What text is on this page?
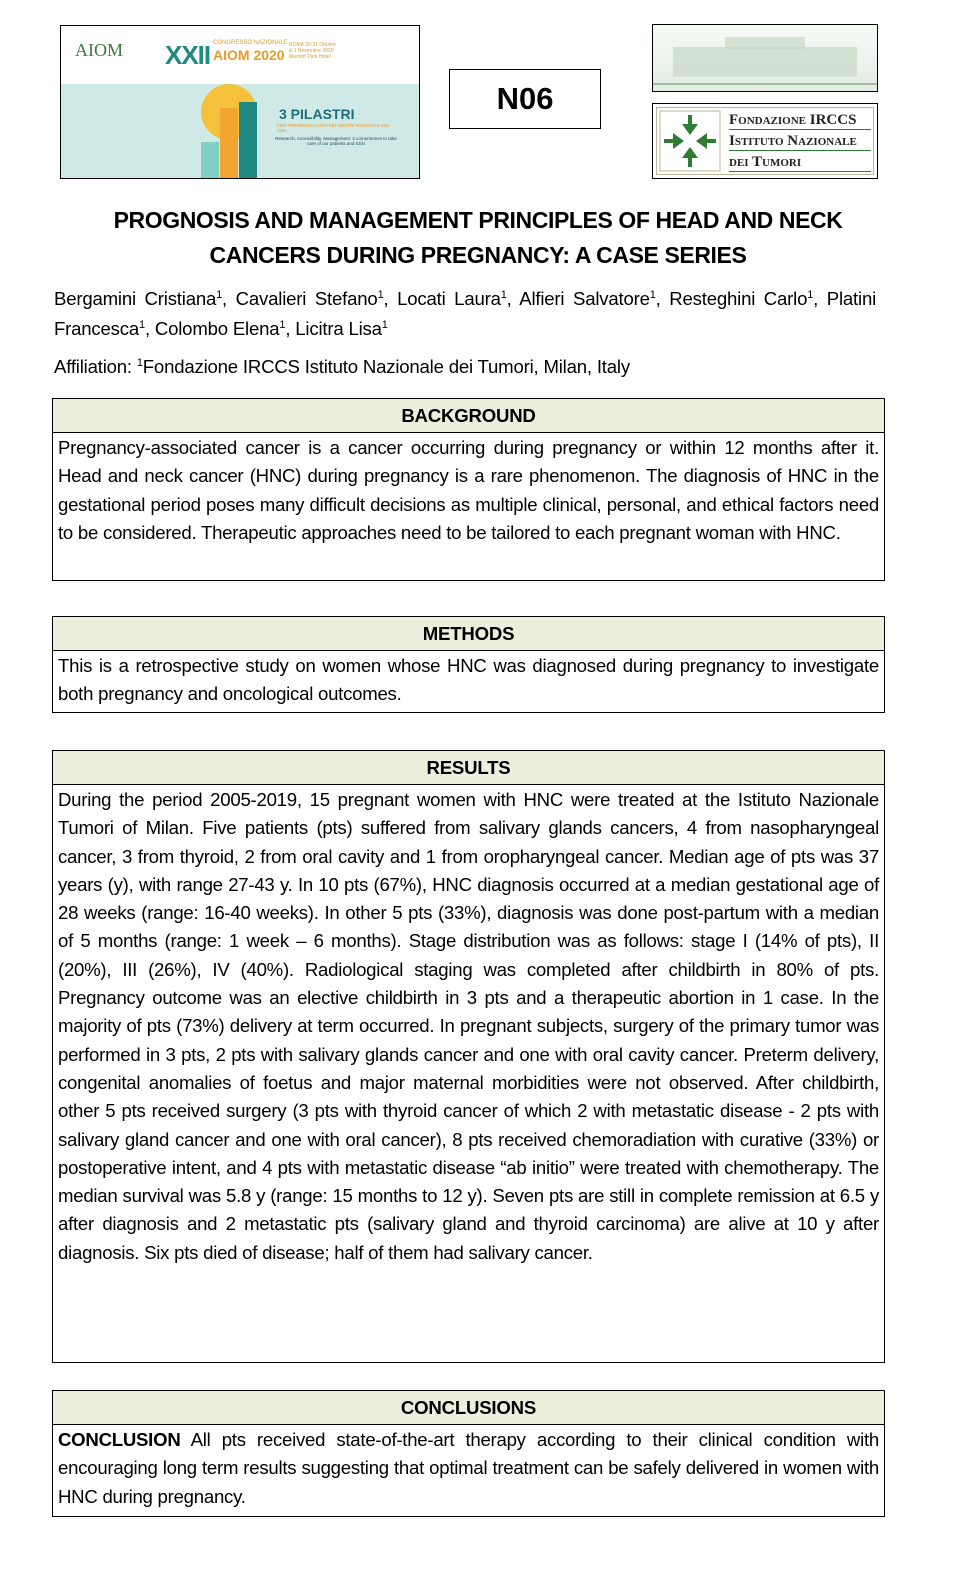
AIOM XXII CONGRESSO NAZIONALE
AIOM 2020
ROMA 30-31 Ottobre & 1 Novembre 2020 Marriott Park Hotel
3 PILASTRI
PER PRENDERSI CURA DEI NOSTRI PAZIENTI E DEL SSN
Research, Accessibility, Management: 3 cornerstones to take care of our patients and SSN
N06
Fondazione IRCCS
Istituto Nazionale
dei Tumori
PROGNOSIS AND MANAGEMENT PRINCIPLES OF HEAD AND NECK
CANCERS DURING PREGNANCY: A CASE SERIES
Bergamini Cristiana$^1$, Cavalieri Stefano$^1$, Locati Laura$^1$, Alfieri Salvatore$^1$, Resteghini Carlo$^1$, Platini Francesca$^1$, Colombo Elena$^1$, Licitra Lisa$^1$
Affiliation: $^1$Fondazione IRCCS Istituto Nazionale dei Tumori, Milan, Italy
BACKGROUND
Pregnancy-associated cancer is a cancer occurring during pregnancy or within 12 months after it. Head and neck cancer (HNC) during pregnancy is a rare phenomenon. The diagnosis of HNC in the gestational period poses many difficult decisions as multiple clinical, personal, and ethical factors need to be considered. Therapeutic approaches need to be tailored to each pregnant woman with HNC.
METHODS
This is a retrospective study on women whose HNC was diagnosed during pregnancy to investigate both pregnancy and oncological outcomes.
RESULTS
During the period 2005-2019, 15 pregnant women with HNC were treated at the Istituto Nazionale Tumori of Milan. Five patients (pts) suffered from salivary glands cancers, 4 from nasopharyngeal cancer, 3 from thyroid, 2 from oral cavity and 1 from oropharyngeal cancer. Median age of pts was 37 years (y), with range 27-43 y. In 10 pts (67%), HNC diagnosis occurred at a median gestational age of 28 weeks (range: 16-40 weeks). In other 5 pts (33%), diagnosis was done post-partum with a median of 5 months (range: 1 week – 6 months). Stage distribution was as follows: stage I (14% of pts), II (20%), III (26%), IV (40%). Radiological staging was completed after childbirth in 80% of pts. Pregnancy outcome was an elective childbirth in 3 pts and a therapeutic abortion in 1 case. In the majority of pts (73%) delivery at term occurred. In pregnant subjects, surgery of the primary tumor was performed in 3 pts, 2 pts with salivary glands cancer and one with oral cavity cancer. Preterm delivery, congenital anomalies of foetus and major maternal morbidities were not observed. After childbirth, other 5 pts received surgery (3 pts with thyroid cancer of which 2 with metastatic disease - 2 pts with salivary gland cancer and one with oral cancer), 8 pts received chemoradiation with curative (33%) or postoperative intent, and 4 pts with metastatic disease “ab initio” were treated with chemotherapy. The median survival was 5.8 y (range: 15 months to 12 y). Seven pts are still in complete remission at 6.5 y after diagnosis and 2 metastatic pts (salivary gland and thyroid carcinoma) are alive at 10 y after diagnosis. Six pts died of disease; half of them had salivary cancer.
CONCLUSIONS
CONCLUSION All pts received state-of-the-art therapy according to their clinical condition with encouraging long term results suggesting that optimal treatment can be safely delivered in women with HNC during pregnancy.
